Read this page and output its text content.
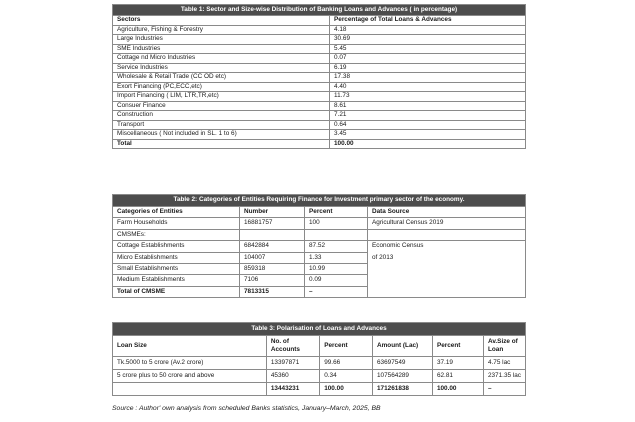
Table 1: Sector and Size-wise Distribution of Banking Loans and Advances ( in percentage)	
Sectors	Percentage of Total Loans & Advances
Agriculture, Fishing & Forestry	4.18
Large Industries	30.69
SME Industries	5.45
Cottage nd Micro Industries	0.07
Service Industries	6.19
Wholesale & Retail Trade (CC OD etc)	17.38
Exort Financing (PC,ECC,etc)	4.40
Import Financing ( LIM, LTR,TR,etc)	11.73
Consuer Finance	8.61
Construction	7.21
Transport	0.64
Miscellaneous ( Not included in SL. 1 to 6)	3.45
Total	100.00
Table 2: Categories of Entities Requiring Finance for Investment primary sector of the economy.			
Categories of Entities	Number	Percent	Data Source
Farm Households	16881757	100	Agricultural Census 2019
CMSMEs:			
Cottage Establishments	6842884	87.52	Economic Census
Micro Establishments	104007	1.33	of 2013
Small Establishments	859318	10.99	
Medium Establishments	7106	0.09	
Total of CMSME	7813315	–	
Table 3: Polarisation of Loans and Advances					
Loan Size	No. of Accounts	Percent	Amount (Lac)	Percent	Av.Size of Loan
Tk.5000 to 5 crore (Av.2 crore)	13397871	99.66	63697549	37.19	4.75 lac
5 crore plus to 50 crore and above	45360	0.34	107564289	62.81	2371.35 lac
	13443231	100.00	171261838	100.00	–
Source : Author' own analysis from scheduled Banks statistics, January–March, 2025, BB
